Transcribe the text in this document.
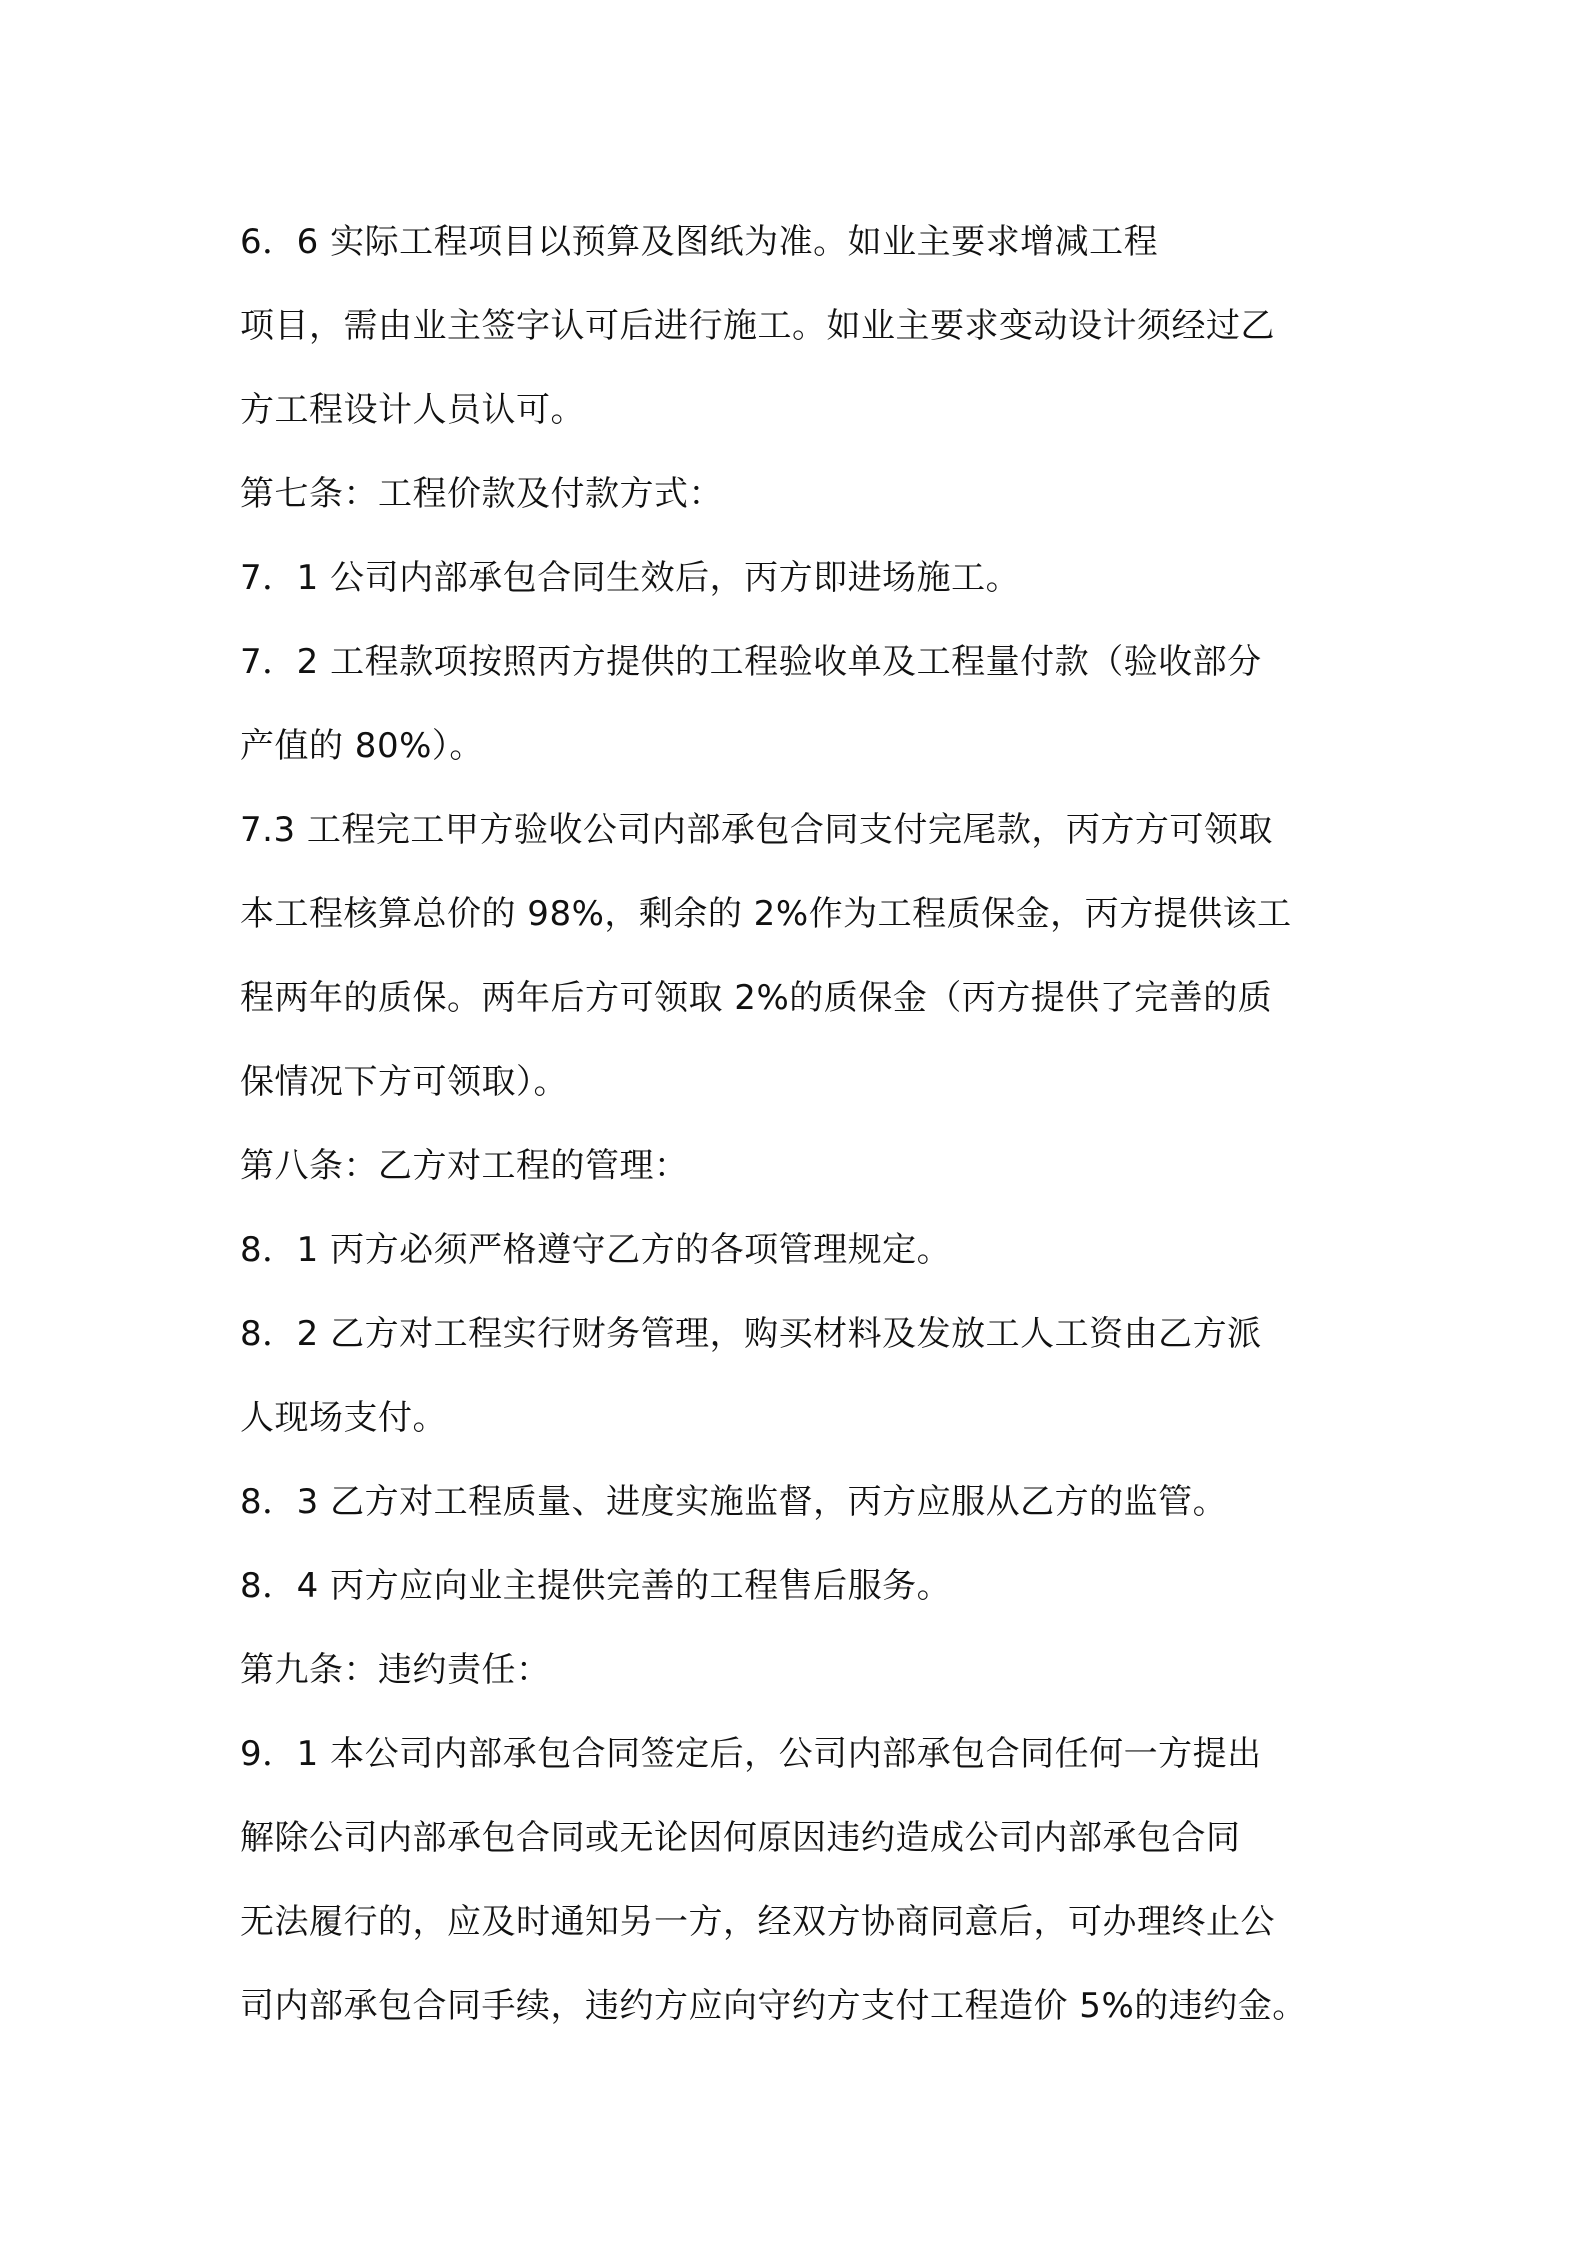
6．6 实际工程项目以预算及图纸为准。如业主要求增减工程
项目，需由业主签字认可后进行施工。如业主要求变动设计须经过乙
方工程设计人员认可。
第七条：工程价款及付款方式：
7．1 公司内部承包合同生效后，丙方即进场施工。
7．2 工程款项按照丙方提供的工程验收单及工程量付款（验收部分
产值的 80%）。
7.3 工程完工甲方验收公司内部承包合同支付完尾款，丙方方可领取
本工程核算总价的 98%，剩余的 2%作为工程质保金，丙方提供该工
程两年的质保。两年后方可领取 2%的质保金（丙方提供了完善的质
保情况下方可领取）。
第八条：乙方对工程的管理：
8．1 丙方必须严格遵守乙方的各项管理规定。
8．2 乙方对工程实行财务管理，购买材料及发放工人工资由乙方派
人现场支付。
8．3 乙方对工程质量、进度实施监督，丙方应服从乙方的监管。
8．4 丙方应向业主提供完善的工程售后服务。
第九条：违约责任：
9．1 本公司内部承包合同签定后，公司内部承包合同任何一方提出
解除公司内部承包合同或无论因何原因违约造成公司内部承包合同
无法履行的，应及时通知另一方，经双方协商同意后，可办理终止公
司内部承包合同手续，违约方应向守约方支付工程造价 5%的违约金。
